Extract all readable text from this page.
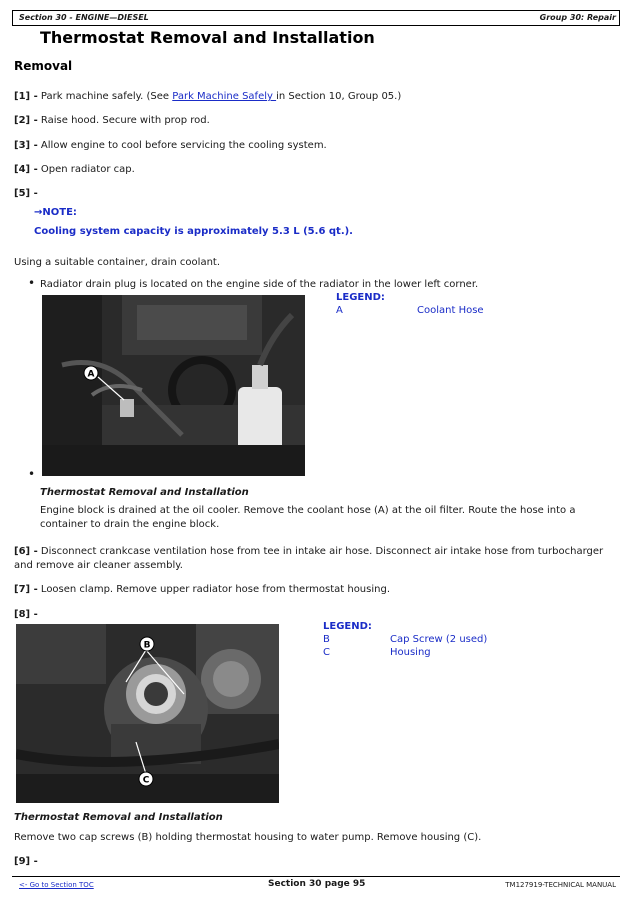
Section 30 - ENGINE—DIESEL	Group 30: Repair
Thermostat Removal and Installation
Removal
[1] - Park machine safely. (See Park Machine Safely in Section 10, Group 05.)
[2] - Raise hood. Secure with prop rod.
[3] - Allow engine to cool before servicing the cooling system.
[4] - Open radiator cap.
[5] -
→NOTE:
Cooling system capacity is approximately 5.3 L (5.6 qt.).
Using a suitable container, drain coolant.
• Radiator drain plug is located on the engine side of the radiator in the lower left corner.
A
LEGEND:
A	Coolant Hose
•
Thermostat Removal and Installation
Engine block is drained at the oil cooler. Remove the coolant hose (A) at the oil filter. Route the hose into a container to drain the engine block.
[6] - Disconnect crankcase ventilation hose from tee in intake air hose. Disconnect air intake hose from turbocharger and remove air cleaner assembly.
[7] - Loosen clamp. Remove upper radiator hose from thermostat housing.
[8] -
B
C
LEGEND:
B	Cap Screw (2 used)
C	Housing
Thermostat Removal and Installation
Remove two cap screws (B) holding thermostat housing to water pump. Remove housing (C).
[9] -
<- Go to Section TOC	Section 30 page 95	TM127919-TECHNICAL MANUAL
